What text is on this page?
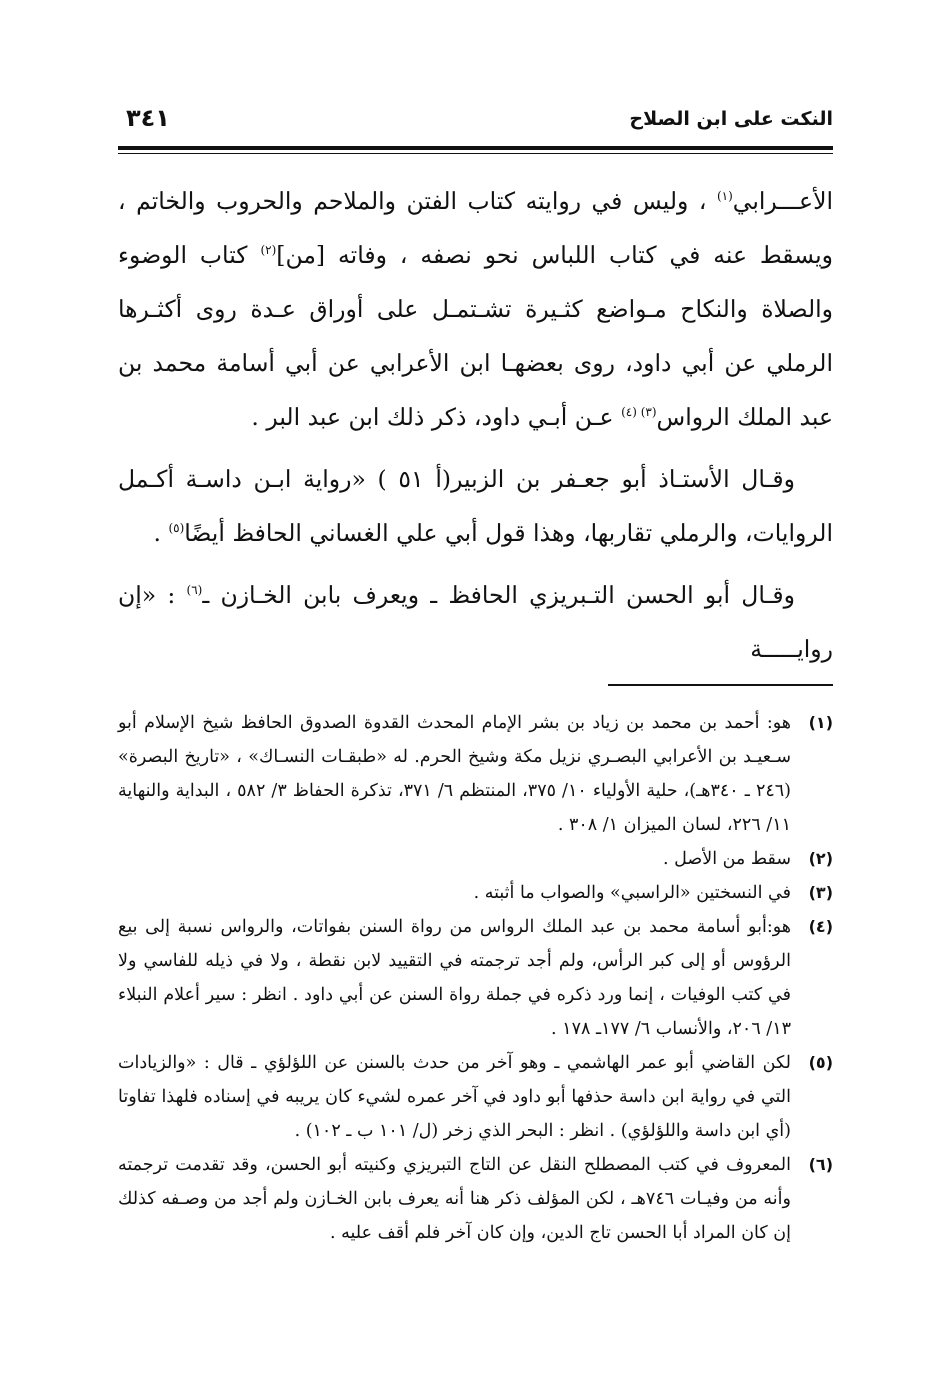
النكت على ابن الصلاح
٣٤١

الأعـــرابي$^{(١)}$ ، وليس في روايته كتاب الفتن والملاحم والحروب والخاتم ، ويسقط عنه في كتاب اللباس نحو نصفه ، وفاته [من]$^{(٢)}$ كتاب الوضوء والصلاة والنكاح مـواضع كثـيرة تشـتمـل على أوراق عـدة روى أكثـرها الرملي عن أبي داود، روى بعضهـا ابن الأعرابي عن أبي أسامة محمد بن عبد الملك الرواس$^{(٣) (٤)}$ عـن أبـي داود، ذكر ذلك ابن عبد البر .

وقـال الأستـاذ أبو جعـفر بن الزبير(أ ٥١ ) «رواية ابـن داسـة أكـمل الروايات، والرملي تقاربها، وهذا قول أبي علي الغساني الحافظ أيضًا$^{(٥)}$ .

وقـال أبو الحسن التـبريزي الحافظ ـ ويعرف بابن الخـازن ـ$^{(٦)}$ : «إن روايـــــة

(١)
هو: أحمد بن محمد بن زياد بن بشر الإمام المحدث القدوة الصدوق الحافظ شيخ الإسلام أبو سـعيـد بن الأعرابي البصـري نزيل مكة وشيخ الحرم. له «طبقـات النسـاك» ، «تاريخ البصرة» (٢٤٦ ـ ٣٤٠هـ)، حلية الأولياء ١٠/ ٣٧٥، المنتظم ٦/ ٣٧١، تذكرة الحفاظ ٣/ ٥٨٢ ، البداية والنهاية ١١/ ٢٢٦، لسان الميزان ١/ ٣٠٨ .
(٢)
سقط من الأصل .
(٣)
في النسختين «الراسبي» والصواب ما أثبته .
(٤)
هو:أبو أسامة محمد بن عبد الملك الرواس من رواة السنن بفواتات، والرواس نسبة إلى بيع الرؤوس أو إلى كبر الرأس، ولم أجد ترجمته في التقييد لابن نقطة ، ولا في ذيله للفاسي ولا في كتب الوفيات ، إنما ورد ذكره في جملة رواة السنن عن أبي داود . انظر : سير أعلام النبلاء ١٣/ ٢٠٦، والأنساب ٦/ ١٧٧ـ ١٧٨ .
(٥)
لكن القاضي أبو عمر الهاشمي ـ وهو آخر من حدث بالسنن عن اللؤلؤي ـ قال : «والزيادات التي في رواية ابن داسة حذفها أبو داود في آخر عمره لشيء كان يريبه في إسناده فلهذا تفاوتا (أي ابن داسة واللؤلؤي) . انظر : البحر الذي زخر (ل/ ١٠١ ب ـ ١٠٢) .
(٦)
المعروف في كتب المصطلح النقل عن التاج التبريزي وكنيته أبو الحسن، وقد تقدمت ترجمته وأنه من وفيـات ٧٤٦هـ ، لكن المؤلف ذكر هنا أنه يعرف بابن الخـازن ولم أجد من وصـفه كذلك إن كان المراد أبا الحسن تاج الدين، وإن كان آخر فلم أقف عليه .
